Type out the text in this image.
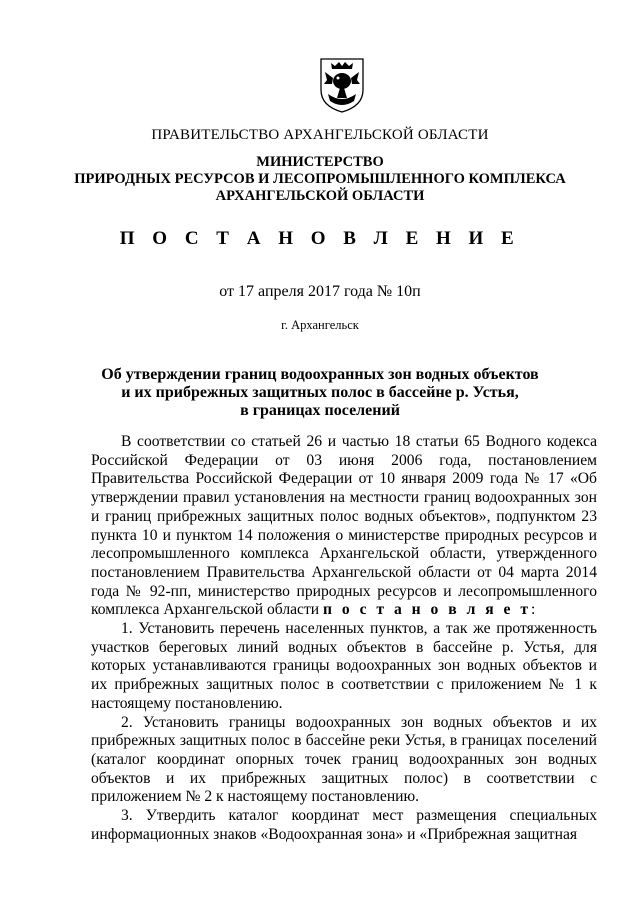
ПРАВИТЕЛЬСТВО АРХАНГЕЛЬСКОЙ ОБЛАСТИ
МИНИСТЕРСТВО
ПРИРОДНЫХ РЕСУРСОВ И ЛЕСОПРОМЫШЛЕННОГО КОМПЛЕКСА
АРХАНГЕЛЬСКОЙ ОБЛАСТИ
П О С Т А Н О В Л Е Н И Е
от 17 апреля 2017 года № 10п
г. Архангельск
Об утверждении границ водоохранных зон водных объектов
и их прибрежных защитных полос в бассейне р. Устья,
в границах поселений

В соответствии со статьей 26 и частью 18 статьи 65 Водного кодекса Российской Федерации от 03 июня 2006 года, постановлением Правительства Российской Федерации от 10 января 2009 года № 17 «Об утверждении правил установления на местности границ водоохранных зон и границ прибрежных защитных полос водных объектов», подпунктом 23 пункта 10 и пунктом 14 положения о министерстве природных ресурсов и лесопромышленного комплекса Архангельской области, утвержденного постановлением Правительства Архангельской области от 04 марта 2014 года № 92-пп, министерство природных ресурсов и лесопромышленного комплекса Архангельской области п о с т а н о в л я е т:

1. Установить перечень населенных пунктов, а так же протяженность участков береговых линий водных объектов в бассейне р. Устья, для которых устанавливаются границы водоохранных зон водных объектов и их прибрежных защитных полос в соответствии с приложением № 1 к настоящему постановлению.

2. Установить границы водоохранных зон водных объектов и их прибрежных защитных полос в бассейне реки Устья, в границах поселений (каталог координат опорных точек границ водоохранных зон водных объектов и их прибрежных защитных полос) в соответствии с приложением № 2 к настоящему постановлению.

3. Утвердить каталог координат мест размещения специальных информационных знаков «Водоохранная зона» и «Прибрежная защитная
